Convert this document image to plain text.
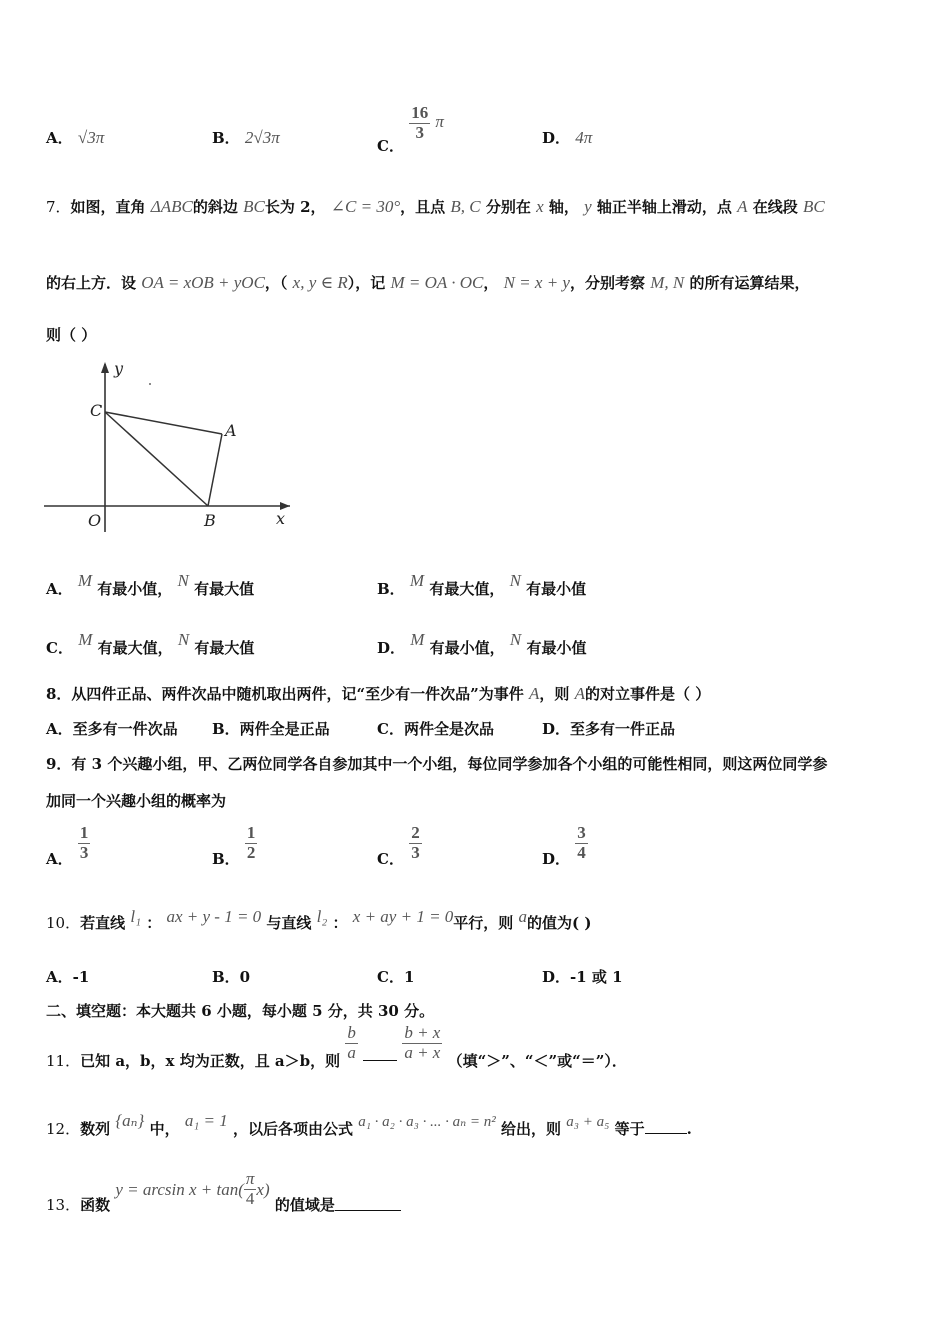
A． √3π	B． 2√3π	C．
$\frac{16}{3}$ π
D． 4π
7．如图，直角 ΔABC的斜边 BC长为 2， ∠C = 30°，且点 B, C 分别在 x 轴， y 轴正半轴上滑动，点 A 在线段 BC
的右上方．设 OA = xOB + yOC，（ x, y ∈ R），记 M = OA · OC， N = x + y，分别考察 M, N 的所有运算结果，
则（ ）
y
x
C
A
O	B
A． M 有最小值， N 有最大值	B． M 有最大值， N 有最小值
C． M 有最大值， N 有最大值	D． M 有最小值， N 有最小值
8．从四件正品、两件次品中随机取出两件，记“至少有一件次品”为事件 A，则 A的对立事件是（ ）
A．至多有一件次品 B．两件全是正品	C．两件全是次品	D．至多有一件正品
9．有 3 个兴趣小组，甲、乙两位同学各自参加其中一个小组，每位同学参加各个小组的可能性相同，则这两位同学参
加同一个兴趣小组的概率为
A． $\frac{1}{3}$	B． $\frac{1}{2}$	C． $\frac{2}{3}$	D． $\frac{3}{4}$
10．若直线 l₁ ： ax + y - 1 = 0 与直线 l₂ ： x + ay + 1 = 0平行，则 a的值为( )
A．-1	B．0	C．1	D．-1 或 1
二、填空题：本大题共 6 小题，每小题 5 分，共 30 分。
11．已知 a，b，x 均为正数，且 a＞b，则 $\frac{b}{a}$
	$\frac{b + x}{a + x}$ （填“＞”、“＜”或“＝”）．
12．数列 {aₙ} 中， a₁ = 1 ，以后各项由公式 a₁ · a₂ · a₃ · ... · aₙ = n² 给出，则 a₃ + a₅ 等于	.
13．函数 $y = \arcsin x + \tan( \frac{\pi}{4} x)$ 的值域是
